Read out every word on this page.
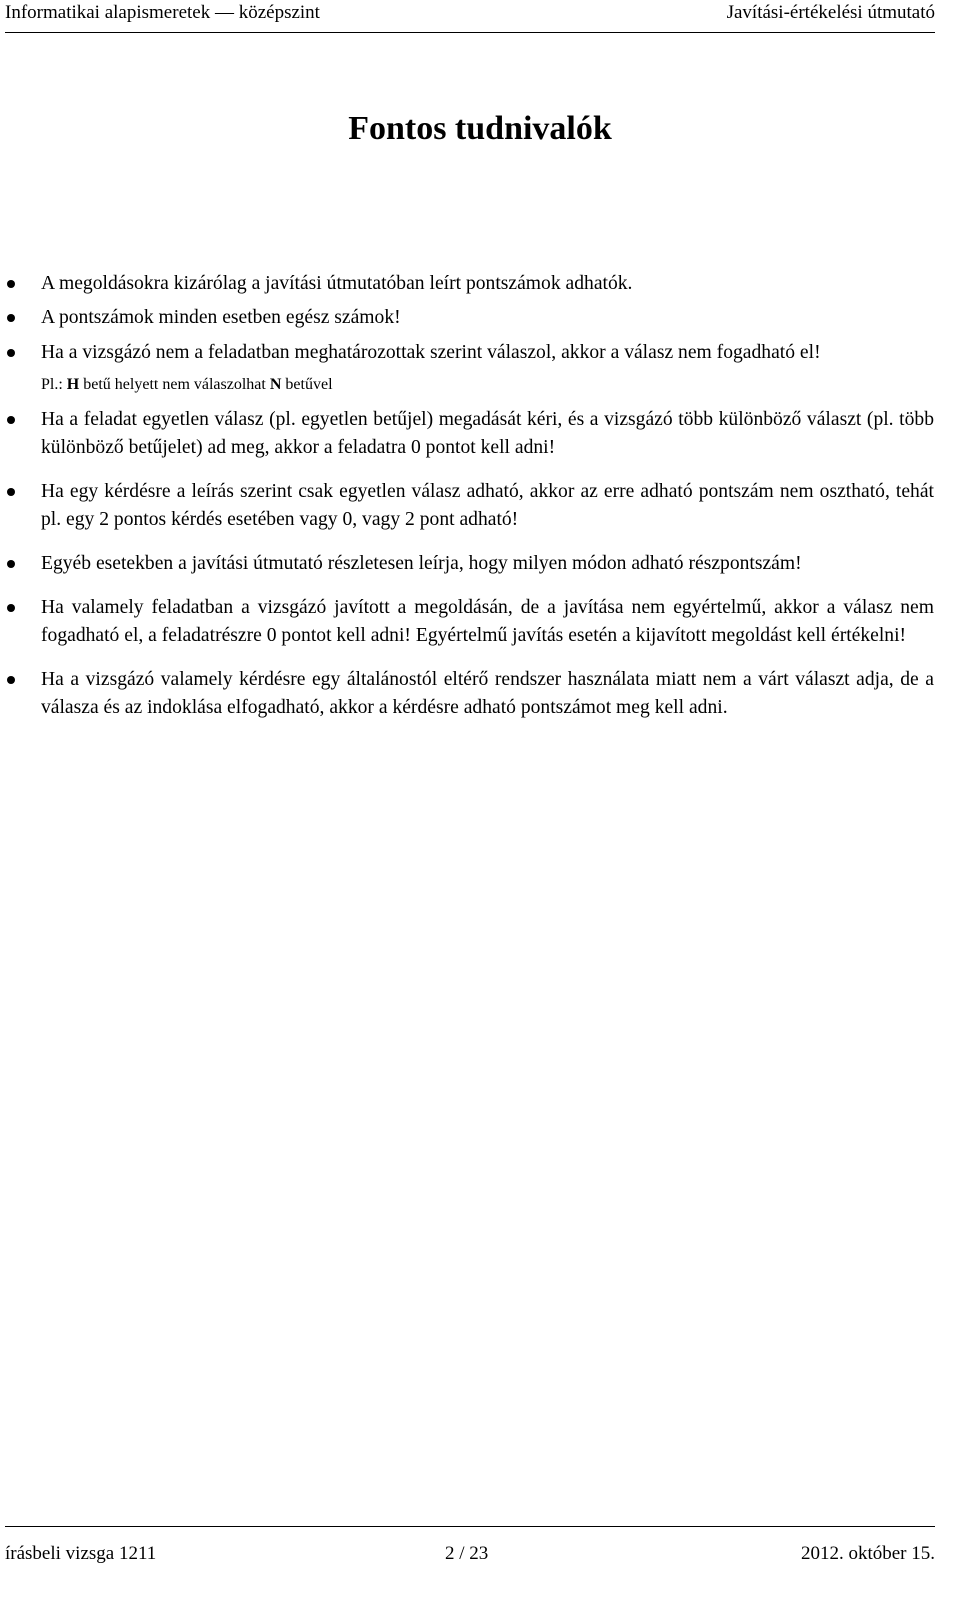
Informatikai alapismeretek — középszint	Javítási-értékelési útmutató
Fontos tudnivalók
A megoldásokra kizárólag a javítási útmutatóban leírt pontszámok adhatók.
A pontszámok minden esetben egész számok!
Ha a vizsgázó nem a feladatban meghatározottak szerint válaszol, akkor a válasz nem fogadható el!
Pl.: H betű helyett nem válaszolhat N betűvel
Ha a feladat egyetlen válasz (pl. egyetlen betűjel) megadását kéri, és a vizsgázó több különböző választ (pl. több különböző betűjelet) ad meg, akkor a feladatra 0 pontot kell adni!
Ha egy kérdésre a leírás szerint csak egyetlen válasz adható, akkor az erre adható pontszám nem osztható, tehát pl. egy 2 pontos kérdés esetében vagy 0, vagy 2 pont adható!
Egyéb esetekben a javítási útmutató részletesen leírja, hogy milyen módon adható részpontszám!
Ha valamely feladatban a vizsgázó javított a megoldásán, de a javítása nem egyértelmű, akkor a válasz nem fogadható el, a feladatrészre 0 pontot kell adni! Egyértelmű javítás esetén a kijavított megoldást kell értékelni!
Ha a vizsgázó valamely kérdésre egy általánostól eltérő rendszer használata miatt nem a várt választ adja, de a válasza és az indoklása elfogadható, akkor a kérdésre adható pontszámot meg kell adni.
írásbeli vizsga 1211	2 / 23	2012. október 15.
